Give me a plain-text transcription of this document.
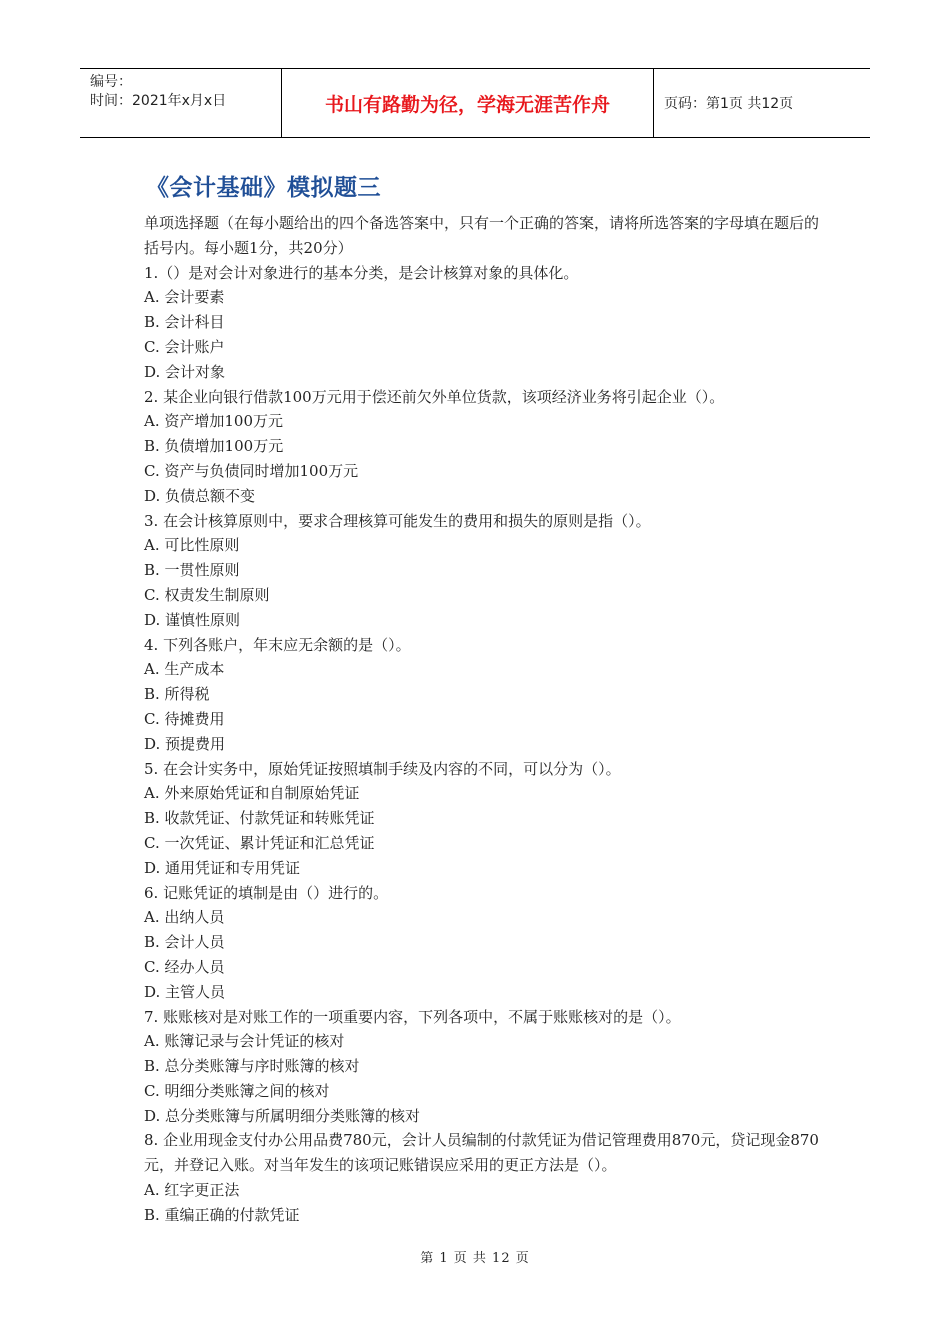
编号：
时间：2021年x月x日	书山有路勤为径，学海无涯苦作舟	页码：第1页 共12页
《会计基础》模拟题三
单项选择题（在每小题给出的四个备选答案中，只有一个正确的答案，请将所选答案的字母填在题后的括号内。每小题1分，共20分）
1.（）是对会计对象进行的基本分类，是会计核算对象的具体化。
A. 会计要素
B. 会计科目
C. 会计账户
D. 会计对象
2. 某企业向银行借款100万元用于偿还前欠外单位货款，该项经济业务将引起企业（）。
A. 资产增加100万元
B. 负债增加100万元
C. 资产与负债同时增加100万元
D. 负债总额不变
3. 在会计核算原则中，要求合理核算可能发生的费用和损失的原则是指（）。
A. 可比性原则
B. 一贯性原则
C. 权责发生制原则
D. 谨慎性原则
4. 下列各账户，年末应无余额的是（）。
A. 生产成本
B. 所得税
C. 待摊费用
D. 预提费用
5. 在会计实务中，原始凭证按照填制手续及内容的不同，可以分为（）。
A. 外来原始凭证和自制原始凭证
B. 收款凭证、付款凭证和转账凭证
C. 一次凭证、累计凭证和汇总凭证
D. 通用凭证和专用凭证
6. 记账凭证的填制是由（）进行的。
A. 出纳人员
B. 会计人员
C. 经办人员
D. 主管人员
7. 账账核对是对账工作的一项重要内容，下列各项中，不属于账账核对的是（）。
A. 账簿记录与会计凭证的核对
B. 总分类账簿与序时账簿的核对
C. 明细分类账簿之间的核对
D. 总分类账簿与所属明细分类账簿的核对
8. 企业用现金支付办公用品费780元，会计人员编制的付款凭证为借记管理费用870元，贷记现金870元，并登记入账。对当年发生的该项记账错误应采用的更正方法是（）。
A. 红字更正法
B. 重编正确的付款凭证
第 1 页 共 12 页
